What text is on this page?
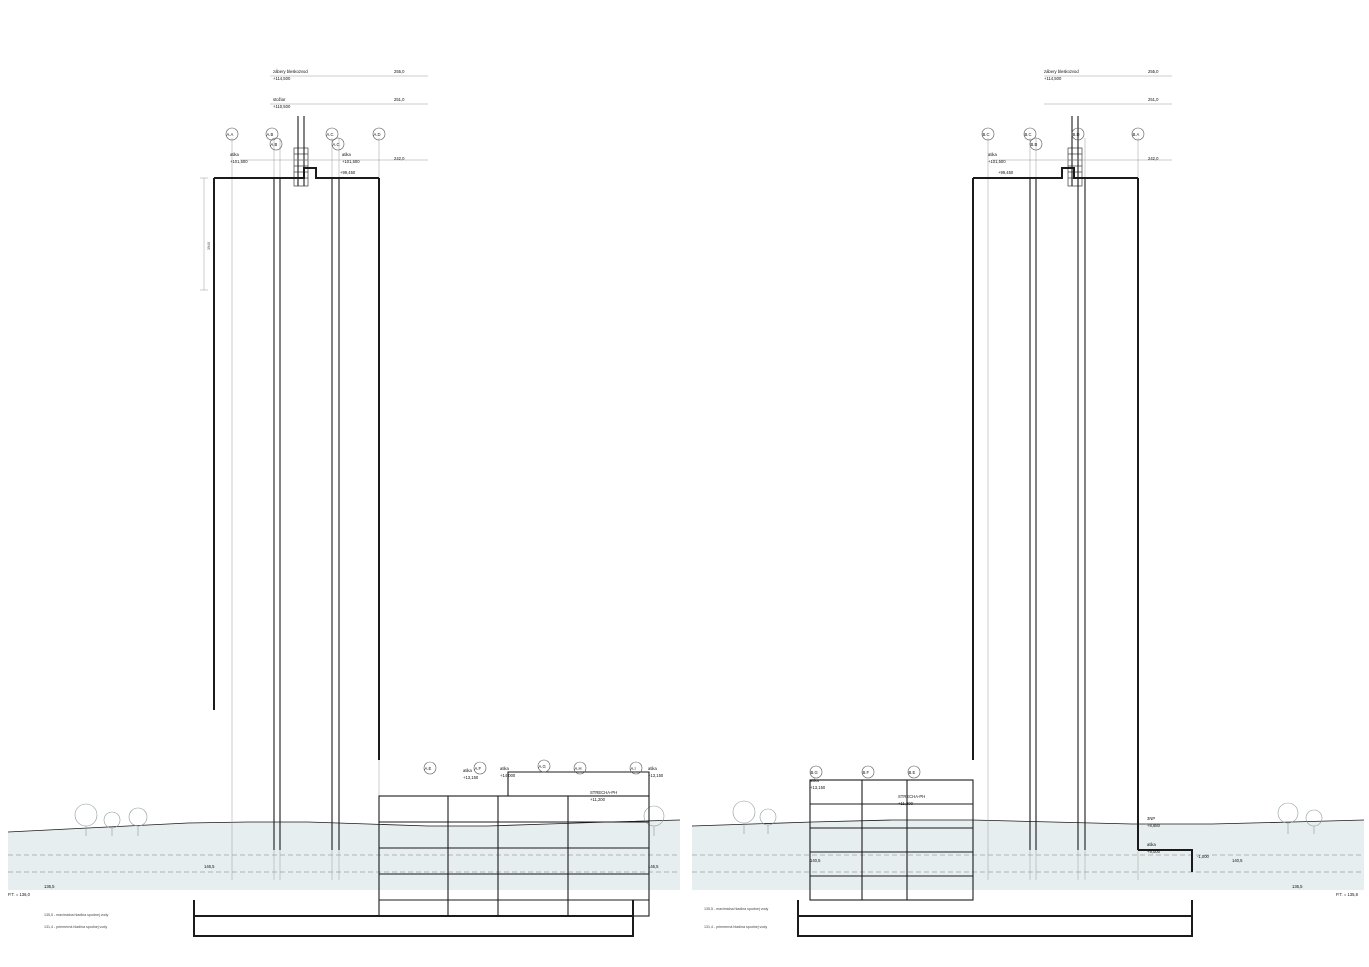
zábery bleskozvod
+114,500
255,0
stožiar
+110,500
251,0
atika
+101,500
242,0
atika
+101,500
+99,450
A.A	A.B
A.B
A.C
A.C
A.D
A.E	A.F	A.G	A.H	A.I
atika
+13,150
atika
+14,000
STRECHA-PH
+11,200
atika
+13,150
3940
P.T. = 136,0
136,5
146,5	146,5
135,5 - maximálna hladina spodnej vody
131,4 - priemerná hladina spodnej vody
zábery bleskozvod
+114,500
255,0
251,0
atika
+101,500
242,0
+99,450
B.C	B.C
B.B
B.D	B.A
B.G	B.F	B.E
atika
+13,150
STRECHA-PH
+11,200
3NP
+8,880
atika
+9,000
-1,000
P.T. = 135,8
140,5	140,5
136,5
135,5 - maximálna hladina spodnej vody
131,4 - priemerná hladina spodnej vody
